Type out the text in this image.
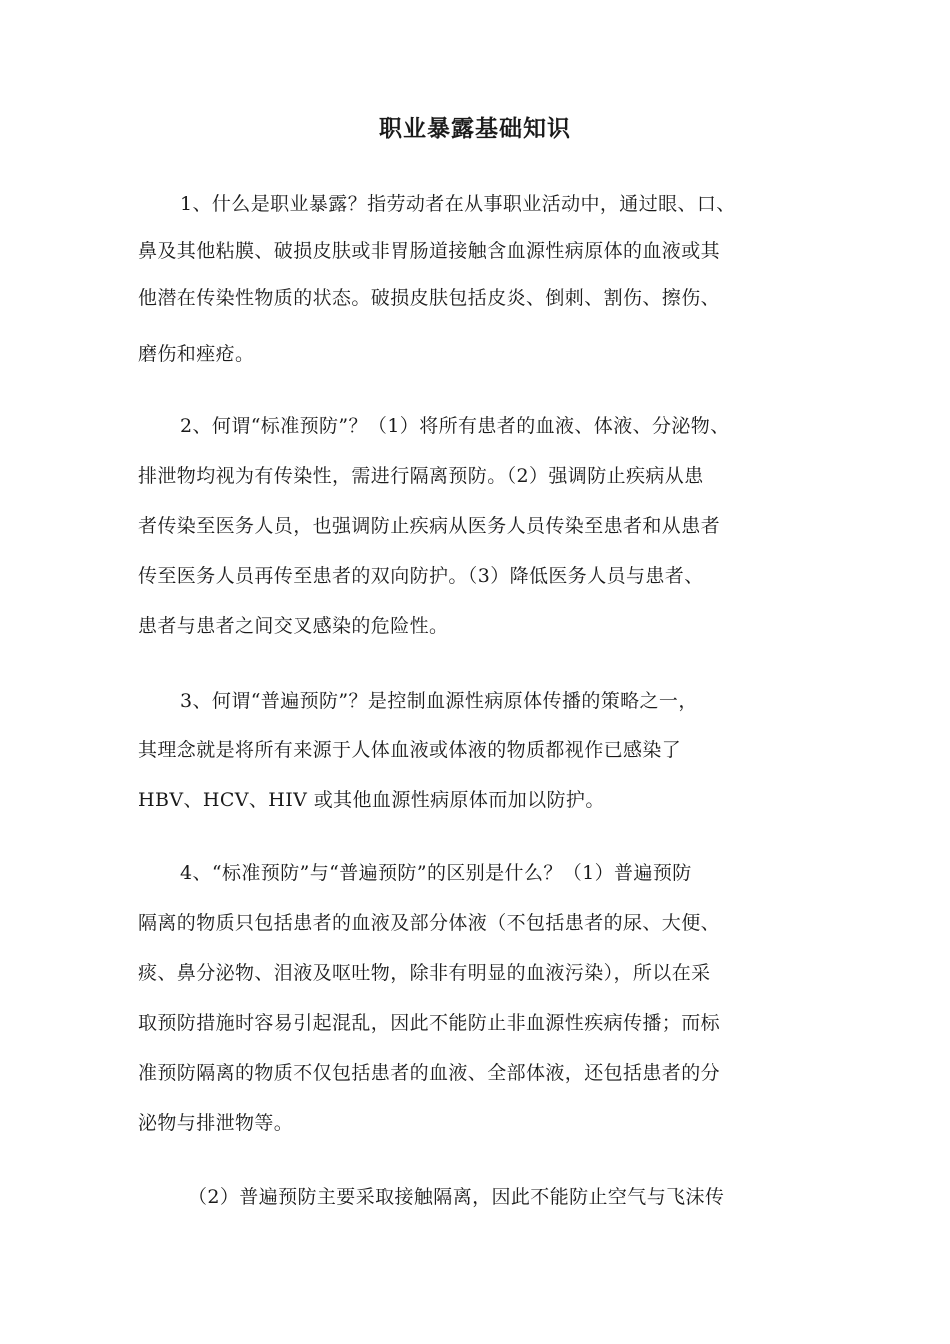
职业暴露基础知识
1、什么是职业暴露？指劳动者在从事职业活动中，通过眼、口、
鼻及其他粘膜、破损皮肤或非胃肠道接触含血源性病原体的血液或其
他潜在传染性物质的状态。破损皮肤包括皮炎、倒刺、割伤、擦伤、
磨伤和痤疮。
2、何谓“标准预防”？（1）将所有患者的血液、体液、分泌物、
排泄物均视为有传染性，需进行隔离预防。（2）强调防止疾病从患
者传染至医务人员，也强调防止疾病从医务人员传染至患者和从患者
传至医务人员再传至患者的双向防护。（3）降低医务人员与患者、
患者与患者之间交叉感染的危险性。
3、何谓“普遍预防”？是控制血源性病原体传播的策略之一，
其理念就是将所有来源于人体血液或体液的物质都视作已感染了
HBV、HCV、HIV 或其他血源性病原体而加以防护。
4、“标准预防”与“普遍预防”的区别是什么？（1）普遍预防
隔离的物质只包括患者的血液及部分体液（不包括患者的尿、大便、
痰、鼻分泌物、泪液及呕吐物，除非有明显的血液污染），所以在采
取预防措施时容易引起混乱，因此不能防止非血源性疾病传播；而标
准预防隔离的物质不仅包括患者的血液、全部体液，还包括患者的分
泌物与排泄物等。
（2）普遍预防主要采取接触隔离，因此不能防止空气与飞沫传
